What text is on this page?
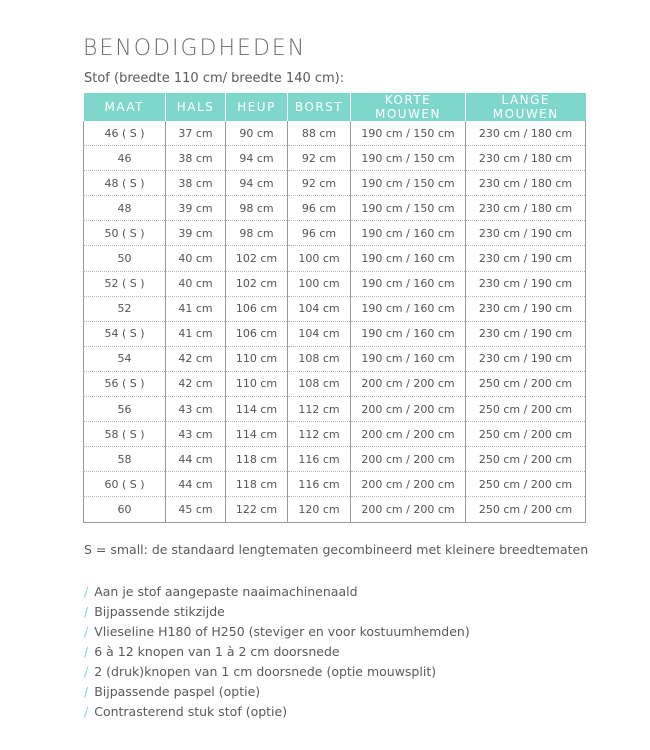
BENODIGDHEDEN
Stof (breedte 110 cm/ breedte 140 cm):
MAAT	HALS	HEUP	BORST	KORTE MOUWEN	LANGE MOUWEN
46 ( S )	37 cm	90 cm	88 cm	190 cm / 150 cm	230 cm / 180 cm
46	38 cm	94 cm	92 cm	190 cm / 150 cm	230 cm / 180 cm
48 ( S )	38 cm	94 cm	92 cm	190 cm / 150 cm	230 cm / 180 cm
48	39 cm	98 cm	96 cm	190 cm / 150 cm	230 cm / 180 cm
50 ( S )	39 cm	98 cm	96 cm	190 cm / 160 cm	230 cm / 190 cm
50	40 cm	102 cm	100 cm	190 cm / 160 cm	230 cm / 190 cm
52 ( S )	40 cm	102 cm	100 cm	190 cm / 160 cm	230 cm / 190 cm
52	41 cm	106 cm	104 cm	190 cm / 160 cm	230 cm / 190 cm
54 ( S )	41 cm	106 cm	104 cm	190 cm / 160 cm	230 cm / 190 cm
54	42 cm	110 cm	108 cm	190 cm / 160 cm	230 cm / 190 cm
56 ( S )	42 cm	110 cm	108 cm	200 cm / 200 cm	250 cm / 200 cm
56	43 cm	114 cm	112 cm	200 cm / 200 cm	250 cm / 200 cm
58 ( S )	43 cm	114 cm	112 cm	200 cm / 200 cm	250 cm / 200 cm
58	44 cm	118 cm	116 cm	200 cm / 200 cm	250 cm / 200 cm
60 ( S )	44 cm	118 cm	116 cm	200 cm / 200 cm	250 cm / 200 cm
60	45 cm	122 cm	120 cm	200 cm / 200 cm	250 cm / 200 cm
S = small: de standaard lengtematen gecombineerd met kleinere breedtematen
/ Aan je stof aangepaste naaimachinenaald
/ Bijpassende stikzijde
/ Vlieseline H180 of H250 (steviger en voor kostuumhemden)
/ 6 à 12 knopen van 1 à 2 cm doorsnede
/ 2 (druk)knopen van 1 cm doorsnede (optie mouwsplit)
/ Bijpassende paspel (optie)
/ Contrasterend stuk stof (optie)
